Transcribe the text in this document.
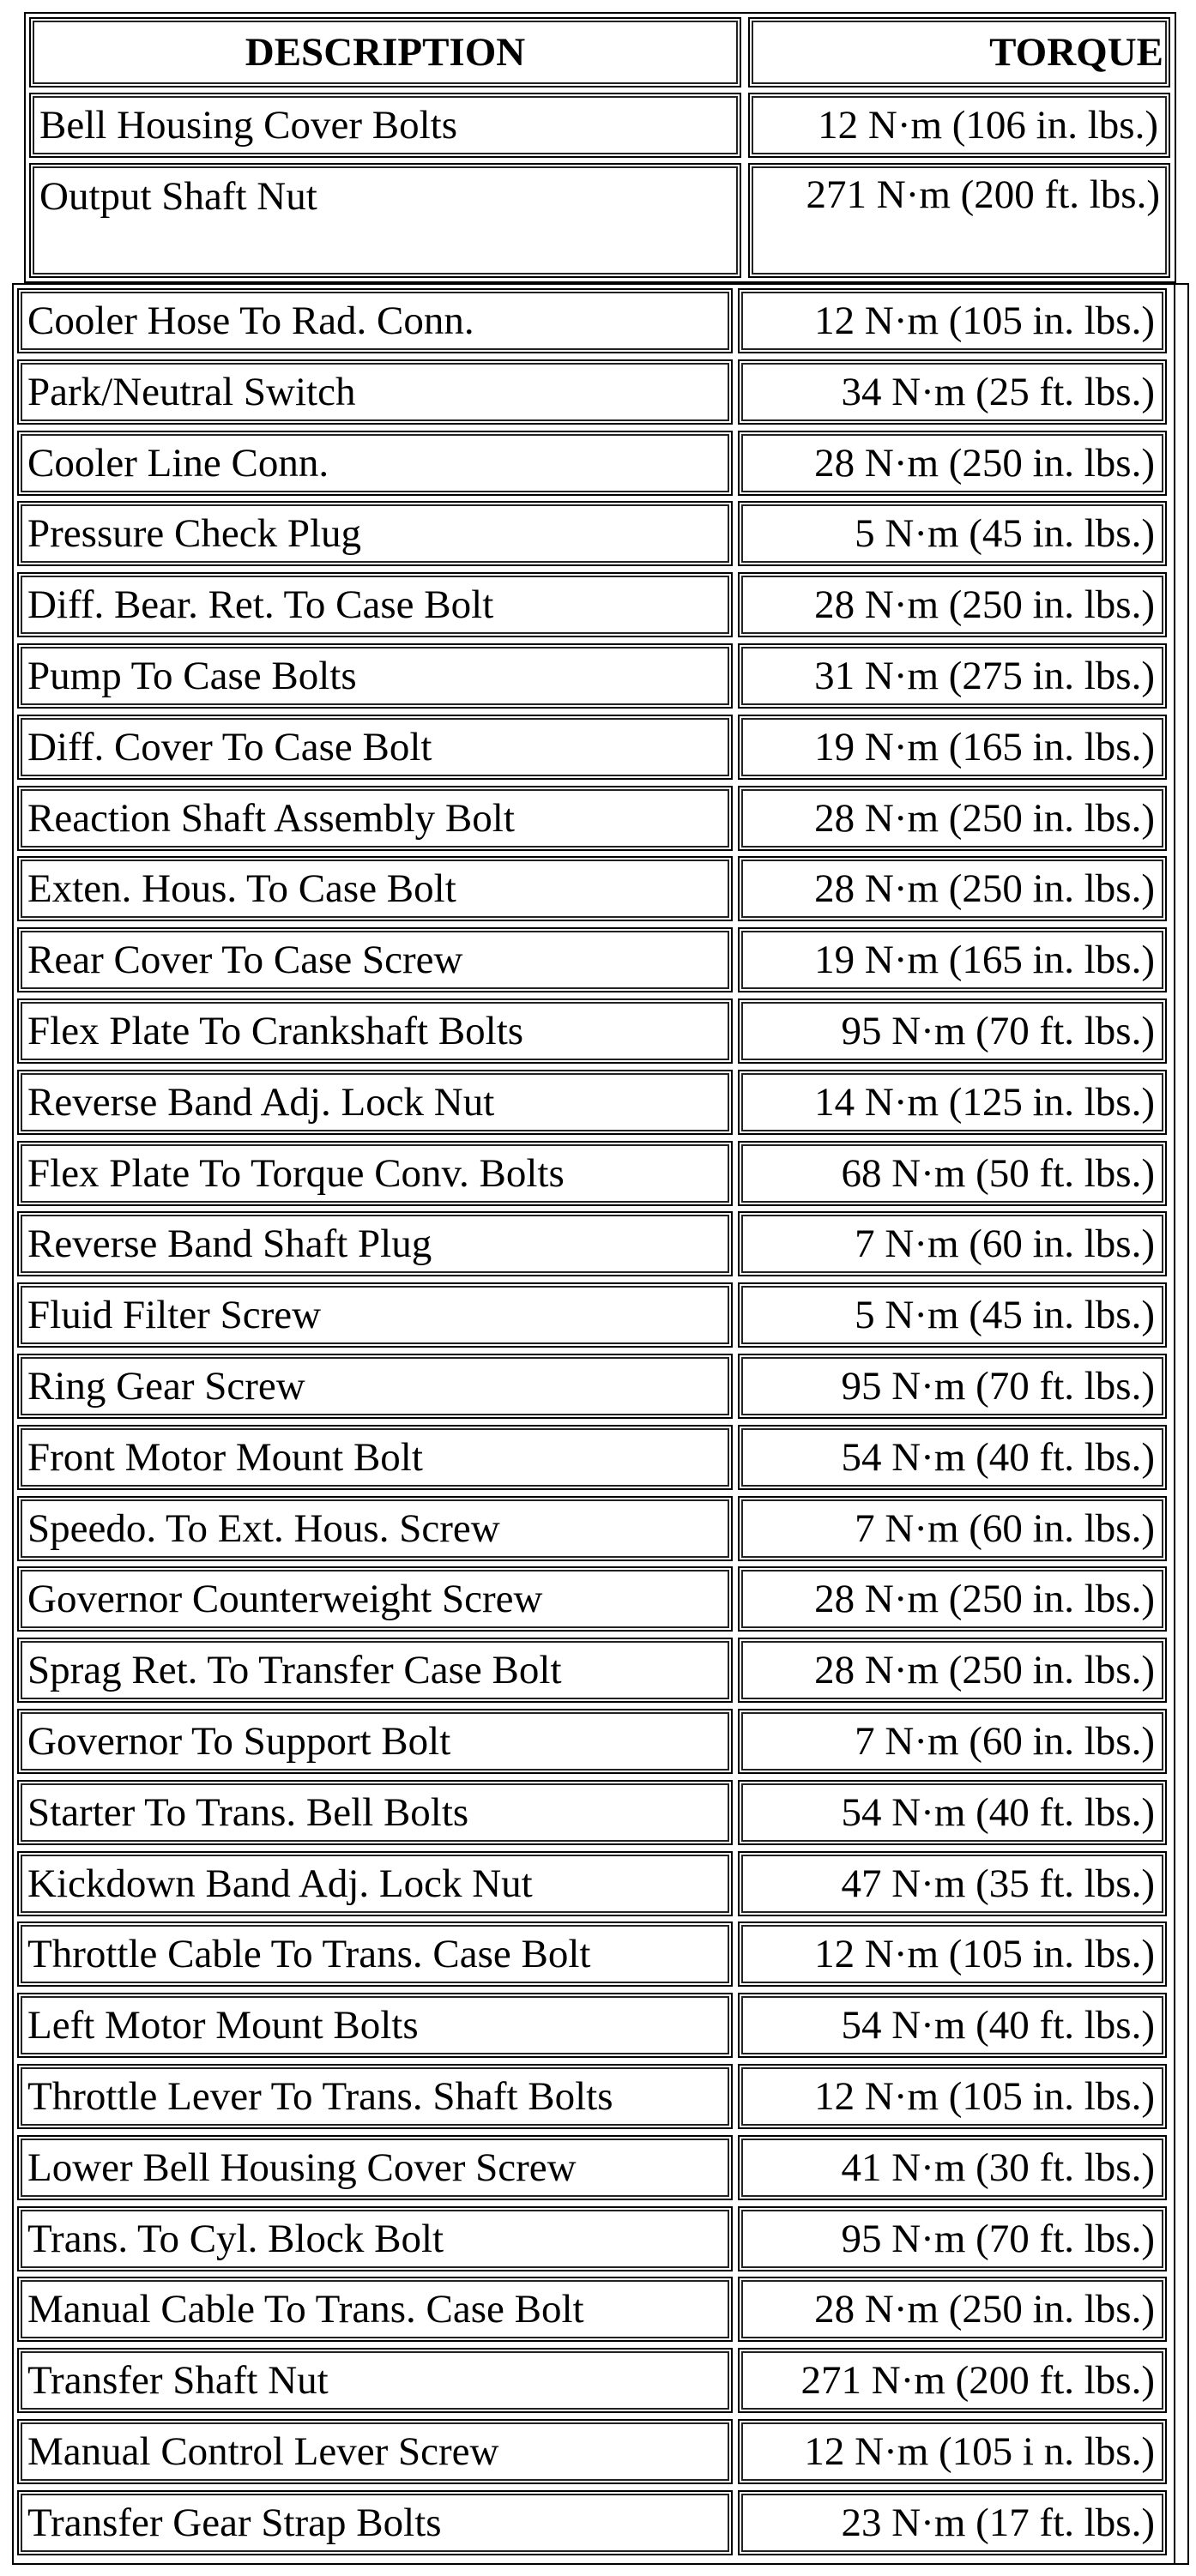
DESCRIPTION	TORQUE
Bell Housing Cover Bolts	12 N·m (106 in. lbs.)
Output Shaft Nut	271 N·m (200 ft. lbs.)
Cooler Hose To Rad. Conn.	12 N·m (105 in. lbs.)
Park/Neutral Switch	34 N·m (25 ft. lbs.)
Cooler Line Conn.	28 N·m (250 in. lbs.)
Pressure Check Plug	5 N·m (45 in. lbs.)
Diff. Bear. Ret. To Case Bolt	28 N·m (250 in. lbs.)
Pump To Case Bolts	31 N·m (275 in. lbs.)
Diff. Cover To Case Bolt	19 N·m (165 in. lbs.)
Reaction Shaft Assembly Bolt	28 N·m (250 in. lbs.)
Exten. Hous. To Case Bolt	28 N·m (250 in. lbs.)
Rear Cover To Case Screw	19 N·m (165 in. lbs.)
Flex Plate To Crankshaft Bolts	95 N·m (70 ft. lbs.)
Reverse Band Adj. Lock Nut	14 N·m (125 in. lbs.)
Flex Plate To Torque Conv. Bolts	68 N·m (50 ft. lbs.)
Reverse Band Shaft Plug	7 N·m (60 in. lbs.)
Fluid Filter Screw	5 N·m (45 in. lbs.)
Ring Gear Screw	95 N·m (70 ft. lbs.)
Front Motor Mount Bolt	54 N·m (40 ft. lbs.)
Speedo. To Ext. Hous. Screw	7 N·m (60 in. lbs.)
Governor Counterweight Screw	28 N·m (250 in. lbs.)
Sprag Ret. To Transfer Case Bolt	28 N·m (250 in. lbs.)
Governor To Support Bolt	7 N·m (60 in. lbs.)
Starter To Trans. Bell Bolts	54 N·m (40 ft. lbs.)
Kickdown Band Adj. Lock Nut	47 N·m (35 ft. lbs.)
Throttle Cable To Trans. Case Bolt	12 N·m (105 in. lbs.)
Left Motor Mount Bolts	54 N·m (40 ft. lbs.)
Throttle Lever To Trans. Shaft Bolts	12 N·m (105 in. lbs.)
Lower Bell Housing Cover Screw	41 N·m (30 ft. lbs.)
Trans. To Cyl. Block Bolt	95 N·m (70 ft. lbs.)
Manual Cable To Trans. Case Bolt	28 N·m (250 in. lbs.)
Transfer Shaft Nut	271 N·m (200 ft. lbs.)
Manual Control Lever Screw	12 N·m (105 i n. lbs.)
Transfer Gear Strap Bolts	23 N·m (17 ft. lbs.)
